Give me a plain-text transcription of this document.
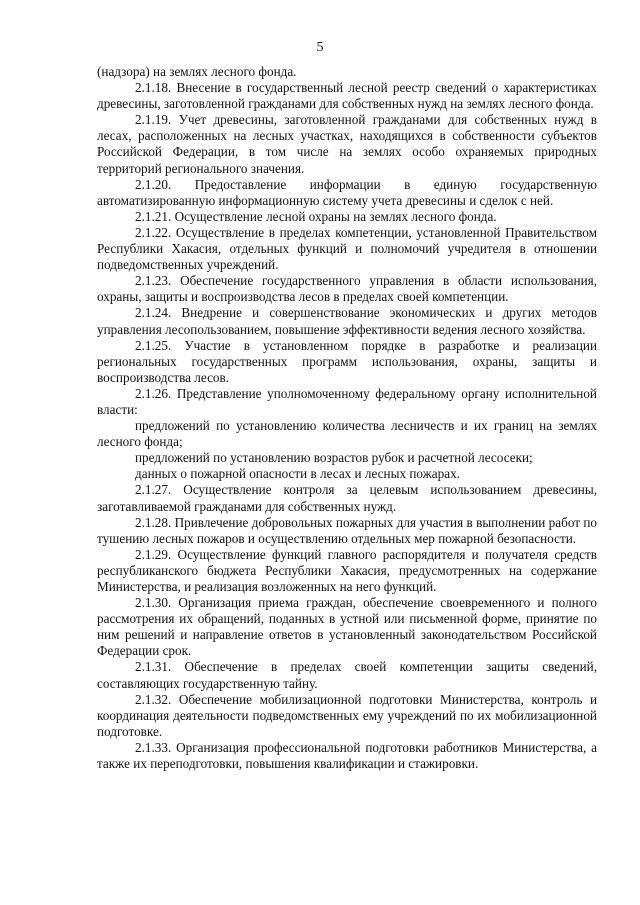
5

(надзора) на землях лесного фонда.

2.1.18. Внесение в государственный лесной реестр сведений о характеристиках древесины, заготовленной гражданами для собственных нужд на землях лесного фонда.

2.1.19. Учет древесины, заготовленной гражданами для собственных нужд в лесах, расположенных на лесных участках, находящихся в собственности субъектов Российской Федерации, в том числе на землях особо охраняемых природных территорий регионального значения.

2.1.20. Предоставление информации в единую государственную автоматизированную информационную систему учета древесины и сделок с ней.

2.1.21. Осуществление лесной охраны на землях лесного фонда.

2.1.22. Осуществление в пределах компетенции, установленной Правительством Республики Хакасия, отдельных функций и полномочий учредителя в отношении подведомственных учреждений.

2.1.23. Обеспечение государственного управления в области использования, охраны, защиты и воспроизводства лесов в пределах своей компетенции.

2.1.24. Внедрение и совершенствование экономических и других методов управления лесопользованием, повышение эффективности ведения лесного хозяйства.

2.1.25. Участие в установленном порядке в разработке и реализации региональных государственных программ использования, охраны, защиты и воспроизводства лесов.

2.1.26. Представление уполномоченному федеральному органу исполнительной власти:

предложений по установлению количества лесничеств и их границ на землях лесного фонда;

предложений по установлению возрастов рубок и расчетной лесосеки;

данных о пожарной опасности в лесах и лесных пожарах.

2.1.27. Осуществление контроля за целевым использованием древесины, заготавливаемой гражданами для собственных нужд.

2.1.28. Привлечение добровольных пожарных для участия в выполнении работ по тушению лесных пожаров и осуществлению отдельных мер пожарной безопасности.

2.1.29. Осуществление функций главного распорядителя и получателя средств республиканского бюджета Республики Хакасия, предусмотренных на содержание Министерства, и реализация возложенных на него функций.

2.1.30. Организация приема граждан, обеспечение своевременного и полного рассмотрения их обращений, поданных в устной или письменной форме, принятие по ним решений и направление ответов в установленный законодательством Российской Федерации срок.

2.1.31. Обеспечение в пределах своей компетенции защиты сведений, составляющих государственную тайну.

2.1.32. Обеспечение мобилизационной подготовки Министерства, контроль и координация деятельности подведомственных ему учреждений по их мобилизационной подготовке.

2.1.33. Организация профессиональной подготовки работников Министерства, а также их переподготовки, повышения квалификации и стажировки.
